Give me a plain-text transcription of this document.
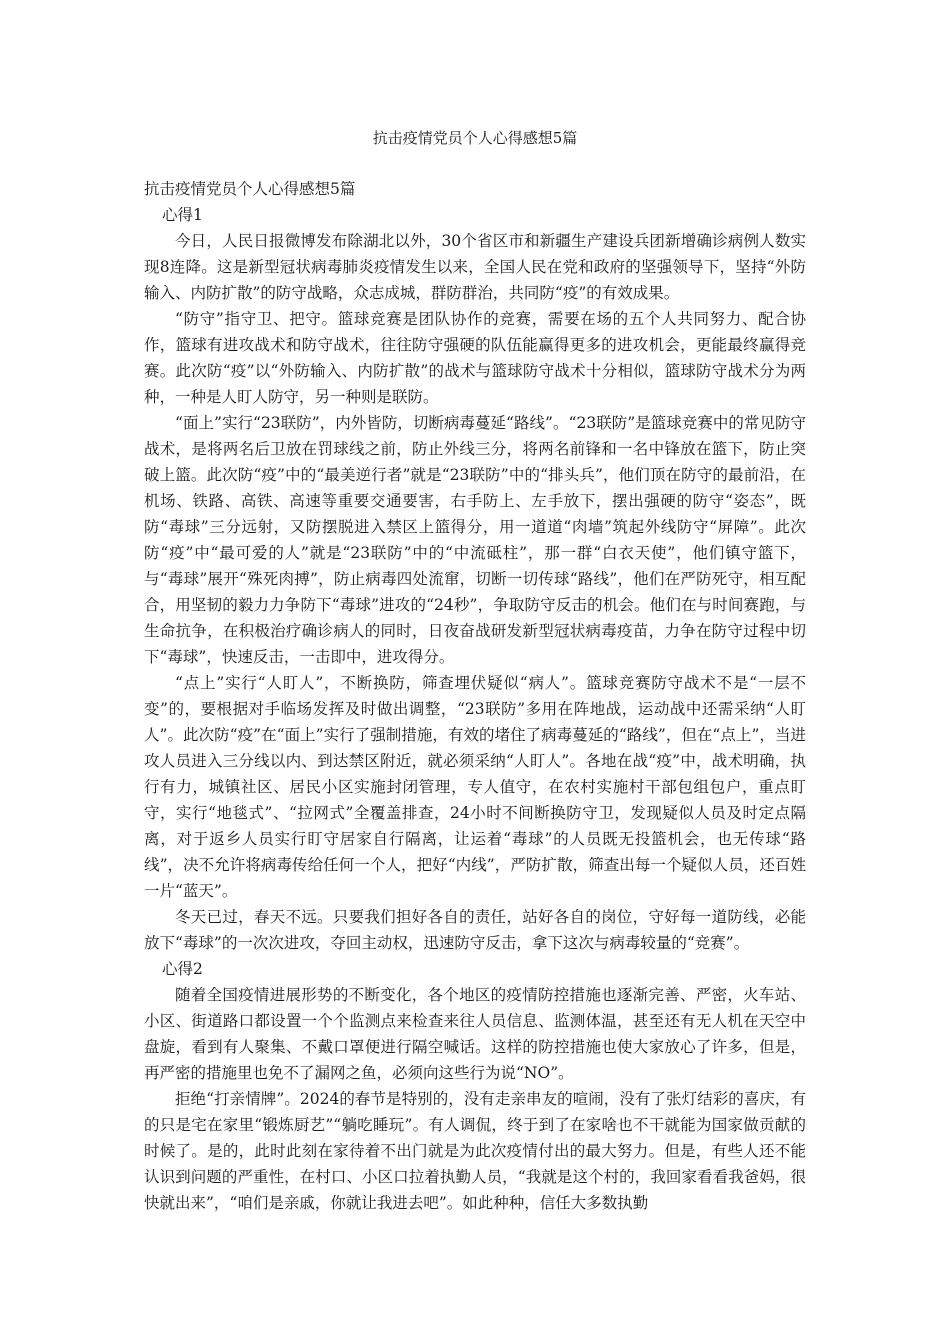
抗击疫情党员个人心得感想5篇

抗击疫情党员个人心得感想5篇

心得1

今日，人民日报微博发布除湖北以外，30个省区市和新疆生产建设兵团新增确诊病例人数实现8连降。这是新型冠状病毒肺炎疫情发生以来，全国人民在党和政府的坚强领导下，坚持“外防输入、内防扩散”的防守战略，众志成城，群防群治，共同防“疫”的有效成果。

“防守”指守卫、把守。篮球竞赛是团队协作的竞赛，需要在场的五个人共同努力、配合协作，篮球有进攻战术和防守战术，往往防守强硬的队伍能赢得更多的进攻机会，更能最终赢得竞赛。此次防“疫”以“外防输入、内防扩散”的战术与篮球防守战术十分相似，篮球防守战术分为两种，一种是人盯人防守，另一种则是联防。

“面上”实行“23联防”，内外皆防，切断病毒蔓延“路线”。“23联防”是篮球竞赛中的常见防守战术，是将两名后卫放在罚球线之前，防止外线三分，将两名前锋和一名中锋放在篮下，防止突破上篮。此次防“疫”中的“最美逆行者”就是“23联防”中的“排头兵”，他们顶在防守的最前沿，在机场、铁路、高铁、高速等重要交通要害，右手防上、左手放下，摆出强硬的防守“姿态”，既防“毒球”三分远射，又防摆脱进入禁区上篮得分，用一道道“肉墙”筑起外线防守“屏障”。此次防“疫”中“最可爱的人”就是“23联防”中的“中流砥柱”，那一群“白衣天使”，他们镇守篮下，与“毒球”展开“殊死肉搏”，防止病毒四处流窜，切断一切传球“路线”，他们在严防死守，相互配合，用坚韧的毅力力争防下“毒球”进攻的“24秒”，争取防守反击的机会。他们在与时间赛跑，与生命抗争，在积极治疗确诊病人的同时，日夜奋战研发新型冠状病毒疫苗，力争在防守过程中切下“毒球”，快速反击，一击即中，进攻得分。

“点上”实行“人盯人”，不断换防，筛查埋伏疑似“病人”。篮球竞赛防守战术不是“一层不变”的，要根据对手临场发挥及时做出调整，“23联防”多用在阵地战，运动战中还需采纳“人盯人”。此次防“疫”在“面上”实行了强制措施，有效的堵住了病毒蔓延的“路线”，但在“点上”，当进攻人员进入三分线以内、到达禁区附近，就必须采纳“人盯人”。各地在战“疫”中，战术明确，执行有力，城镇社区、居民小区实施封闭管理，专人值守，在农村实施村干部包组包户，重点盯守，实行“地毯式”、“拉网式”全覆盖排查，24小时不间断换防守卫，发现疑似人员及时定点隔离，对于返乡人员实行盯守居家自行隔离，让运着“毒球”的人员既无投篮机会，也无传球“路线”，决不允许将病毒传给任何一个人，把好“内线”，严防扩散，筛查出每一个疑似人员，还百姓一片“蓝天”。

冬天已过，春天不远。只要我们担好各自的责任，站好各自的岗位，守好每一道防线，必能放下“毒球”的一次次进攻，夺回主动权，迅速防守反击，拿下这次与病毒较量的“竞赛”。

心得2

随着全国疫情进展形势的不断变化，各个地区的疫情防控措施也逐渐完善、严密，火车站、小区、街道路口都设置一个个监测点来检查来往人员信息、监测体温，甚至还有无人机在天空中盘旋，看到有人聚集、不戴口罩便进行隔空喊话。这样的防控措施也使大家放心了许多，但是，再严密的措施里也免不了漏网之鱼，必须向这些行为说“NO”。

拒绝“打亲情牌”。2024的春节是特别的，没有走亲串友的喧闹，没有了张灯结彩的喜庆，有的只是宅在家里“锻炼厨艺”“躺吃睡玩”。有人调侃，终于到了在家啥也不干就能为国家做贡献的时候了。是的，此时此刻在家待着不出门就是为此次疫情付出的最大努力。但是，有些人还不能认识到问题的严重性，在村口、小区口拉着执勤人员，“我就是这个村的，我回家看看我爸妈，很快就出来”，“咱们是亲戚，你就让我进去吧”。如此种种，信任大多数执勤
